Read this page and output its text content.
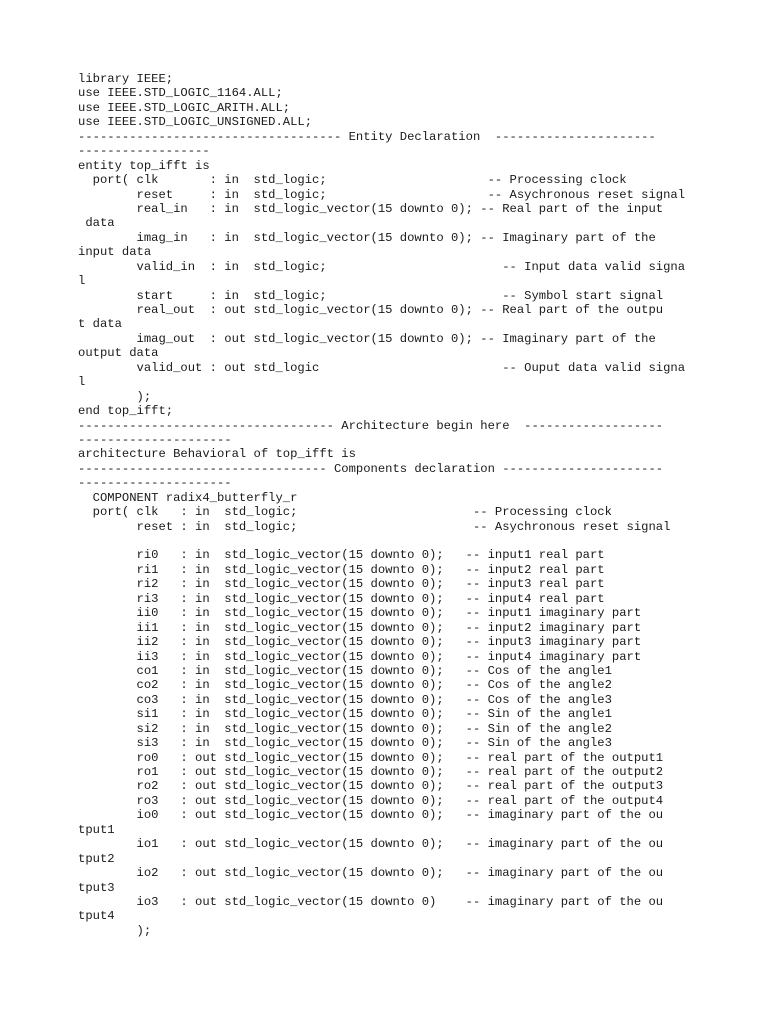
library IEEE;
use IEEE.STD_LOGIC_1164.ALL;
use IEEE.STD_LOGIC_ARITH.ALL;
use IEEE.STD_LOGIC_UNSIGNED.ALL;
------------------------------------ Entity Declaration  ----------------------
------------------
entity top_ifft is
port( clk       : in  std_logic;                      -- Processing clock
reset     : in  std_logic;                      -- Asychronous reset signal
real_in   : in  std_logic_vector(15 downto 0); -- Real part of the input
data
imag_in   : in  std_logic_vector(15 downto 0); -- Imaginary part of the
input data
valid_in  : in  std_logic;                        -- Input data valid signa
l
start     : in  std_logic;                        -- Symbol start signal
real_out  : out std_logic_vector(15 downto 0); -- Real part of the outpu
t data
imag_out  : out std_logic_vector(15 downto 0); -- Imaginary part of the
output data
valid_out : out std_logic                         -- Ouput data valid signa
l
);
end top_ifft;
----------------------------------- Architecture begin here  -------------------
---------------------
architecture Behavioral of top_ifft is
---------------------------------- Components declaration ----------------------
---------------------
COMPONENT radix4_butterfly_r
port( clk   : in  std_logic;                        -- Processing clock
reset : in  std_logic;                        -- Asychronous reset signal
ri0   : in  std_logic_vector(15 downto 0);   -- input1 real part
ri1   : in  std_logic_vector(15 downto 0);   -- input2 real part
ri2   : in  std_logic_vector(15 downto 0);   -- input3 real part
ri3   : in  std_logic_vector(15 downto 0);   -- input4 real part
ii0   : in  std_logic_vector(15 downto 0);   -- input1 imaginary part
ii1   : in  std_logic_vector(15 downto 0);   -- input2 imaginary part
ii2   : in  std_logic_vector(15 downto 0);   -- input3 imaginary part
ii3   : in  std_logic_vector(15 downto 0);   -- input4 imaginary part
co1   : in  std_logic_vector(15 downto 0);   -- Cos of the angle1
co2   : in  std_logic_vector(15 downto 0);   -- Cos of the angle2
co3   : in  std_logic_vector(15 downto 0);   -- Cos of the angle3
si1   : in  std_logic_vector(15 downto 0);   -- Sin of the angle1
si2   : in  std_logic_vector(15 downto 0);   -- Sin of the angle2
si3   : in  std_logic_vector(15 downto 0);   -- Sin of the angle3
ro0   : out std_logic_vector(15 downto 0);   -- real part of the output1
ro1   : out std_logic_vector(15 downto 0);   -- real part of the output2
ro2   : out std_logic_vector(15 downto 0);   -- real part of the output3
ro3   : out std_logic_vector(15 downto 0);   -- real part of the output4
io0   : out std_logic_vector(15 downto 0);   -- imaginary part of the ou
tput1
io1   : out std_logic_vector(15 downto 0);   -- imaginary part of the ou
tput2
io2   : out std_logic_vector(15 downto 0);   -- imaginary part of the ou
tput3
io3   : out std_logic_vector(15 downto 0)    -- imaginary part of the ou
tput4
);
